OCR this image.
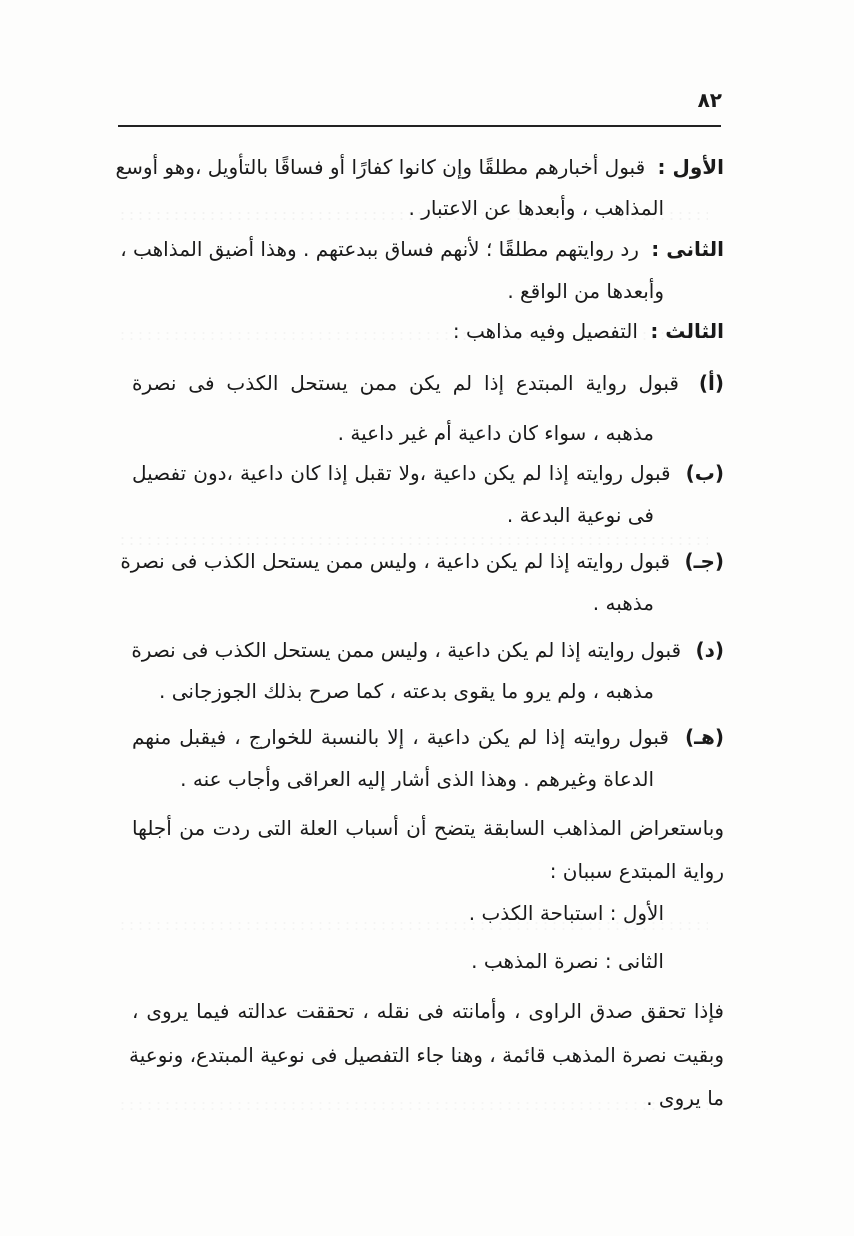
٨٢
الأول : قبول أخبارهم مطلقًا وإن كانوا كفارًا أو فساقًا بالتأويل ،وهو أوسع
المذاهب ، وأبعدها عن الاعتبار .
الثانى : رد روايتهم مطلقًا ؛ لأنهم فساق ببدعتهم . وهذا أضيق المذاهب ،
وأبعدها من الواقع .
الثالث : التفصيل وفيه مذاهب :
(أ) قبول رواية المبتدع إذا لم يكن ممن يستحل الكذب فى نصرة
مذهبه ، سواء كان داعية أم غير داعية .
(ب) قبول روايته إذا لم يكن داعية ،ولا تقبل إذا كان داعية ،دون تفصيل
فى نوعية البدعة .
(جـ) قبول روايته إذا لم يكن داعية ، وليس ممن يستحل الكذب فى نصرة
مذهبه .
(د) قبول روايته إذا لم يكن داعية ، وليس ممن يستحل الكذب فى نصرة
مذهبه ، ولم يرو ما يقوى بدعته ، كما صرح بذلك الجوزجانى .
(هـ) قبول روايته إذا لم يكن داعية ، إلا بالنسبة للخوارج ، فيقبل منهم
الدعاة وغيرهم . وهذا الذى أشار إليه العراقى وأجاب عنه .
وباستعراض المذاهب السابقة يتضح أن أسباب العلة التى ردت من أجلها
رواية المبتدع سببان :
الأول : استباحة الكذب .
الثانى : نصرة المذهب .
فإذا تحقق صدق الراوى ، وأمانته فى نقله ، تحققت عدالته فيما يروى ،
وبقيت نصرة المذهب قائمة ، وهنا جاء التفصيل فى نوعية المبتدع، ونوعية
ما يروى .
